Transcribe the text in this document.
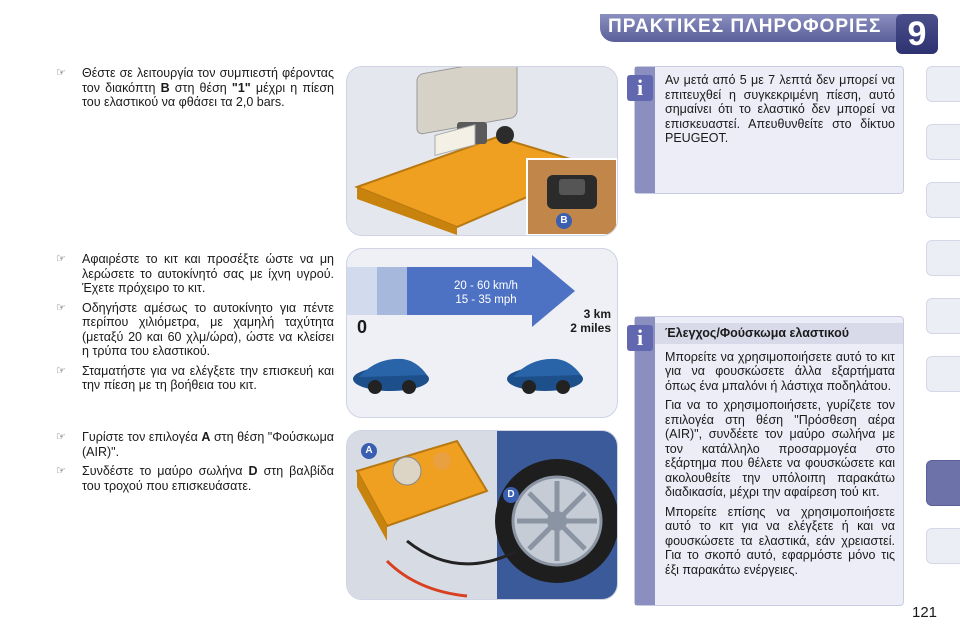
ΠΡΑΚΤΙΚΕΣ ΠΛΗΡΟΦΟΡΙΕΣ 9
☞ Θέστε σε λειτουργία τον συμπιεστή φέροντας τον διακόπτη B στη θέση "1" μέχρι η πίεση του ελαστικού να φθάσει τα 2,0 bars.
☞ Αφαιρέστε το κιτ και προσέξτε ώστε να μη λερώσετε το αυτοκίνητό σας με ίχνη υγρού. Έχετε πρόχειρο το κιτ.
☞ Οδηγήστε αμέσως το αυτοκίνητο για πέντε περίπου χιλιόμετρα, με χαμηλή ταχύτητα (μεταξύ 20 και 60 χλμ/ώρα), ώστε να κλείσει η τρύπα του ελαστικού.
☞ Σταματήστε για να ελέγξετε την επισκευή και την πίεση με τη βοήθεια του κιτ.
☞ Γυρίστε τον επιλογέα A στη θέση "Φούσκωμα (AIR)".
☞ Συνδέστε το μαύρο σωλήνα D στη βαλβίδα του τροχού που επισκευάσατε.
B
20 - 60 km/h
15 - 35 mph
0
3 km
2 miles
A
D
i	Αν μετά από 5 με 7 λεπτά δεν μπορεί να επιτευχθεί η συγκεκριμένη πίεση, αυτό σημαίνει ότι το ελαστικό δεν μπορεί να επισκευαστεί. Απευθυνθείτε στο δίκτυο PEUGEOT.

i	Έλεγχος/Φούσκωμα ελαστικού

Μπορείτε να χρησιμοποιήσετε αυτό το κιτ για να φουσκώσετε άλλα εξαρτήματα όπως ένα μπαλόνι ή λάστιχα ποδηλάτου.

Για να το χρησιμοποιήσετε, γυρίζετε τον επιλογέα στη θέση "Πρόσθεση αέρα (AIR)", συνδέετε τον μαύρο σωλήνα με τον κατάλληλο προσαρμογέα στο εξάρτημα που θέλετε να φουσκώσετε και ακολουθείτε την υπόλοιπη παρακάτω διαδικασία, μέχρι την αφαίρεση τού κιτ.

Μπορείτε επίσης να χρησιμοποιήσετε αυτό το κιτ για να ελέγξετε ή και να φουσκώσετε τα ελαστικά, εάν χρειαστεί. Για το σκοπό αυτό, εφαρμόστε μόνο τις έξι παρακάτω ενέργειες.

121
